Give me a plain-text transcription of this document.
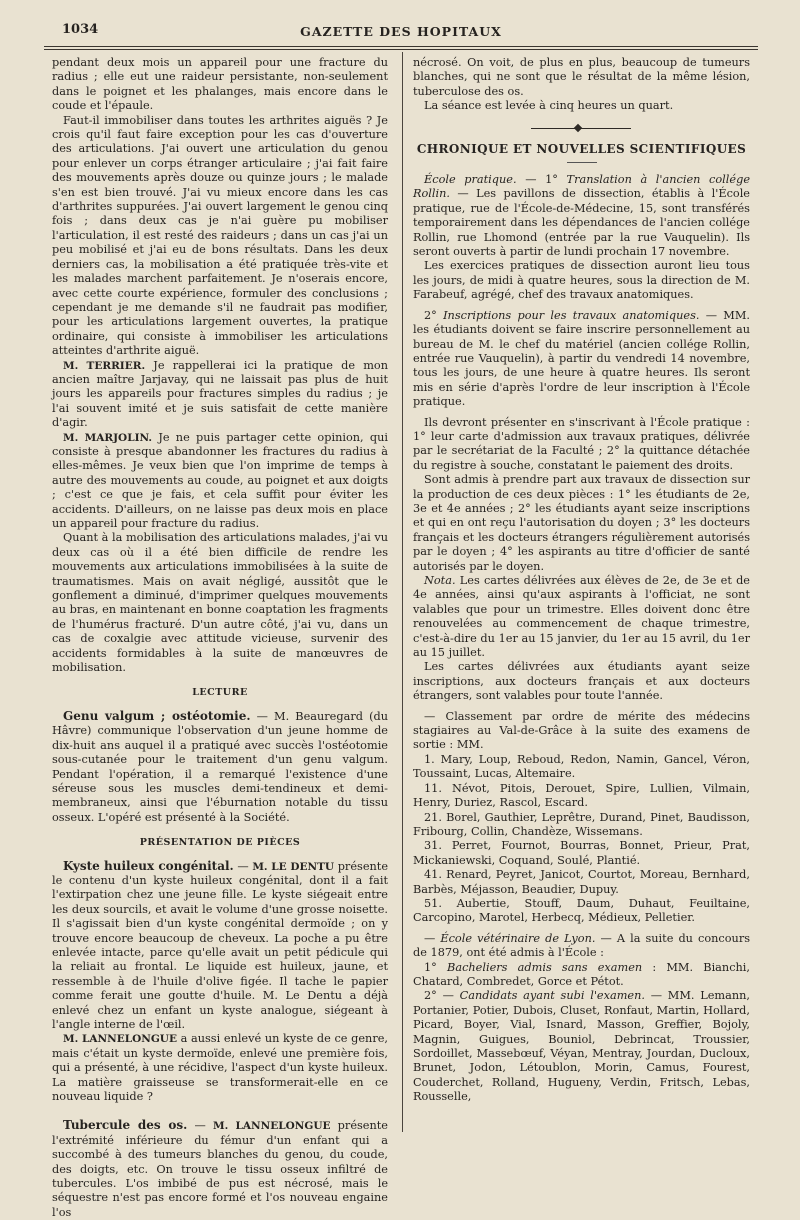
1034	GAZETTE DES HOPITAUX

pendant deux mois un appareil pour une fracture du radius ; elle eut une raideur persistante, non-seulement dans le poignet et les phalanges, mais encore dans le coude et l'épaule.

Faut-il immobiliser dans toutes les arthrites aiguës ? Je crois qu'il faut faire exception pour les cas d'ouverture des articulations. J'ai ouvert une articulation du genou pour enlever un corps étranger articulaire ; j'ai fait faire des mouvements après douze ou quinze jours ; le malade s'en est bien trouvé. J'ai vu mieux encore dans les cas d'arthrites suppurées. J'ai ouvert largement le genou cinq fois ; dans deux cas je n'ai guère pu mobiliser l'articulation, il est resté des raideurs ; dans un cas j'ai un peu mobilisé et j'ai eu de bons résultats. Dans les deux derniers cas, la mobilisation a été pratiquée très-vite et les malades marchent parfaitement. Je n'oserais encore, avec cette courte expérience, formuler des conclusions ; cependant je me demande s'il ne faudrait pas modifier, pour les articulations largement ouvertes, la pratique ordinaire, qui consiste à immobiliser les articulations atteintes d'arthrite aiguë.

M. TERRIER. Je rappellerai ici la pratique de mon ancien maître Jarjavay, qui ne laissait pas plus de huit jours les appareils pour fractures simples du radius ; je l'ai souvent imité et je suis satisfait de cette manière d'agir.

M. MARJOLIN. Je ne puis partager cette opinion, qui consiste à presque abandonner les fractures du radius à elles-mêmes. Je veux bien que l'on imprime de temps à autre des mouvements au coude, au poignet et aux doigts ; c'est ce que je fais, et cela suffit pour éviter les accidents. D'ailleurs, on ne laisse pas deux mois en place un appareil pour fracture du radius.

Quant à la mobilisation des articulations malades, j'ai vu deux cas où il a été bien difficile de rendre les mouvements aux articulations immobilisées à la suite de traumatismes. Mais on avait négligé, aussitôt que le gonflement a diminué, d'imprimer quelques mouvements au bras, en maintenant en bonne coaptation les fragments de l'humérus fracturé. D'un autre côté, j'ai vu, dans un cas de coxalgie avec attitude vicieuse, survenir des accidents formidables à la suite de manœuvres de mobilisation.

LECTURE

Genu valgum ; ostéotomie. — M. Beauregard (du Hâvre) communique l'observation d'un jeune homme de dix-huit ans auquel il a pratiqué avec succès l'ostéotomie sous-cutanée pour le traitement d'un genu valgum. Pendant l'opération, il a remarqué l'existence d'une séreuse sous les muscles demi-tendineux et demi-membraneux, ainsi que l'éburnation notable du tissu osseux. L'opéré est présenté à la Société.

PRÉSENTATION DE PIÈCES

Kyste huileux congénital. — M. LE DENTU présente le contenu d'un kyste huileux congénital, dont il a fait l'extirpation chez une jeune fille. Le kyste siégeait entre les deux sourcils, et avait le volume d'une grosse noisette. Il s'agissait bien d'un kyste congénital dermoïde ; on y trouve encore beaucoup de cheveux. La poche a pu être enlevée intacte, parce qu'elle avait un petit pédicule qui la reliait au frontal. Le liquide est huileux, jaune, et ressemble à de l'huile d'olive figée. Il tache le papier comme ferait une goutte d'huile. M. Le Dentu a déjà enlevé chez un enfant un kyste analogue, siégeant à l'angle interne de l'œil.

M. LANNELONGUE a aussi enlevé un kyste de ce genre, mais c'était un kyste dermoïde, enlevé une première fois, qui a présenté, à une récidive, l'aspect d'un kyste huileux. La matière graisseuse se transformerait-elle en ce nouveau liquide ?

Tubercule des os. — M. LANNELONGUE présente l'extrémité inférieure du fémur d'un enfant qui a succombé à des tumeurs blanches du genou, du coude, des doigts, etc. On trouve le tissu osseux infiltré de tubercules. L'os imbibé de pus est nécrosé, mais le séquestre n'est pas encore formé et l'os nouveau engaine l'os

nécrosé. On voit, de plus en plus, beaucoup de tumeurs blanches, qui ne sont que le résultat de la même lésion, tuberculose des os.

La séance est levée à cinq heures un quart.

CHRONIQUE ET NOUVELLES SCIENTIFIQUES

École pratique. — 1° Translation à l'ancien collége Rollin. — Les pavillons de dissection, établis à l'École pratique, rue de l'École-de-Médecine, 15, sont transférés temporairement dans les dépendances de l'ancien collége Rollin, rue Lhomond (entrée par la rue Vauquelin). Ils seront ouverts à partir de lundi prochain 17 novembre.

Les exercices pratiques de dissection auront lieu tous les jours, de midi à quatre heures, sous la direction de M. Farabeuf, agrégé, chef des travaux anatomiques.

2° Inscriptions pour les travaux anatomiques. — MM. les étudiants doivent se faire inscrire personnellement au bureau de M. le chef du matériel (ancien collége Rollin, entrée rue Vauquelin), à partir du vendredi 14 novembre, tous les jours, de une heure à quatre heures. Ils seront mis en série d'après l'ordre de leur inscription à l'École pratique.

Ils devront présenter en s'inscrivant à l'École pratique : 1° leur carte d'admission aux travaux pratiques, délivrée par le secrétariat de la Faculté ; 2° la quittance détachée du registre à souche, constatant le paiement des droits.

Sont admis à prendre part aux travaux de dissection sur la production de ces deux pièces : 1° les étudiants de 2e, 3e et 4e années ; 2° les étudiants ayant seize inscriptions et qui en ont reçu l'autorisation du doyen ; 3° les docteurs français et les docteurs étrangers régulièrement autorisés par le doyen ; 4° les aspirants au titre d'officier de santé autorisés par le doyen.

Nota. Les cartes délivrées aux élèves de 2e, de 3e et de 4e années, ainsi qu'aux aspirants à l'officiat, ne sont valables que pour un trimestre. Elles doivent donc être renouvelées au commencement de chaque trimestre, c'est-à-dire du 1er au 15 janvier, du 1er au 15 avril, du 1er au 15 juillet.

Les cartes délivrées aux étudiants ayant seize inscriptions, aux docteurs français et aux docteurs étrangers, sont valables pour toute l'année.

— Classement par ordre de mérite des médecins stagiaires au Val-de-Grâce à la suite des examens de sortie : MM.

1. Mary, Loup, Reboud, Redon, Namin, Gancel, Véron, Toussaint, Lucas, Altemaire.

11. Névot, Pitois, Derouet, Spire, Lullien, Vilmain, Henry, Duriez, Rascol, Escard.

21. Borel, Gauthier, Leprêtre, Durand, Pinet, Baudisson, Fribourg, Collin, Chandèze, Wissemans.

31. Perret, Fournot, Bourras, Bonnet, Prieur, Prat, Mickaniewski, Coquand, Soulé, Plantié.

41. Renard, Peyret, Janicot, Courtot, Moreau, Bernhard, Barbès, Méjasson, Beaudier, Dupuy.

51. Aubertie, Stouff, Daum, Duhaut, Feuiltaine, Carcopino, Marotel, Herbecq, Médieux, Pelletier.

— École vétérinaire de Lyon. — A la suite du concours de 1879, ont été admis à l'École :

1° Bacheliers admis sans examen : MM. Bianchi, Chatard, Combredet, Gorce et Pétot.

2° — Candidats ayant subi l'examen. — MM. Lemann, Portanier, Potier, Dubois, Cluset, Ronfaut, Martin, Hollard, Picard, Boyer, Vial, Isnard, Masson, Greffier, Bojoly, Magnin, Guigues, Bouniol, Debrincat, Troussier, Sordoillet, Massebœuf, Véyan, Mentray, Jourdan, Ducloux, Brunet, Jodon, Létoublon, Morin, Camus, Fourest, Couderchet, Rolland, Hugueny, Verdin, Fritsch, Lebas, Rousselle,
